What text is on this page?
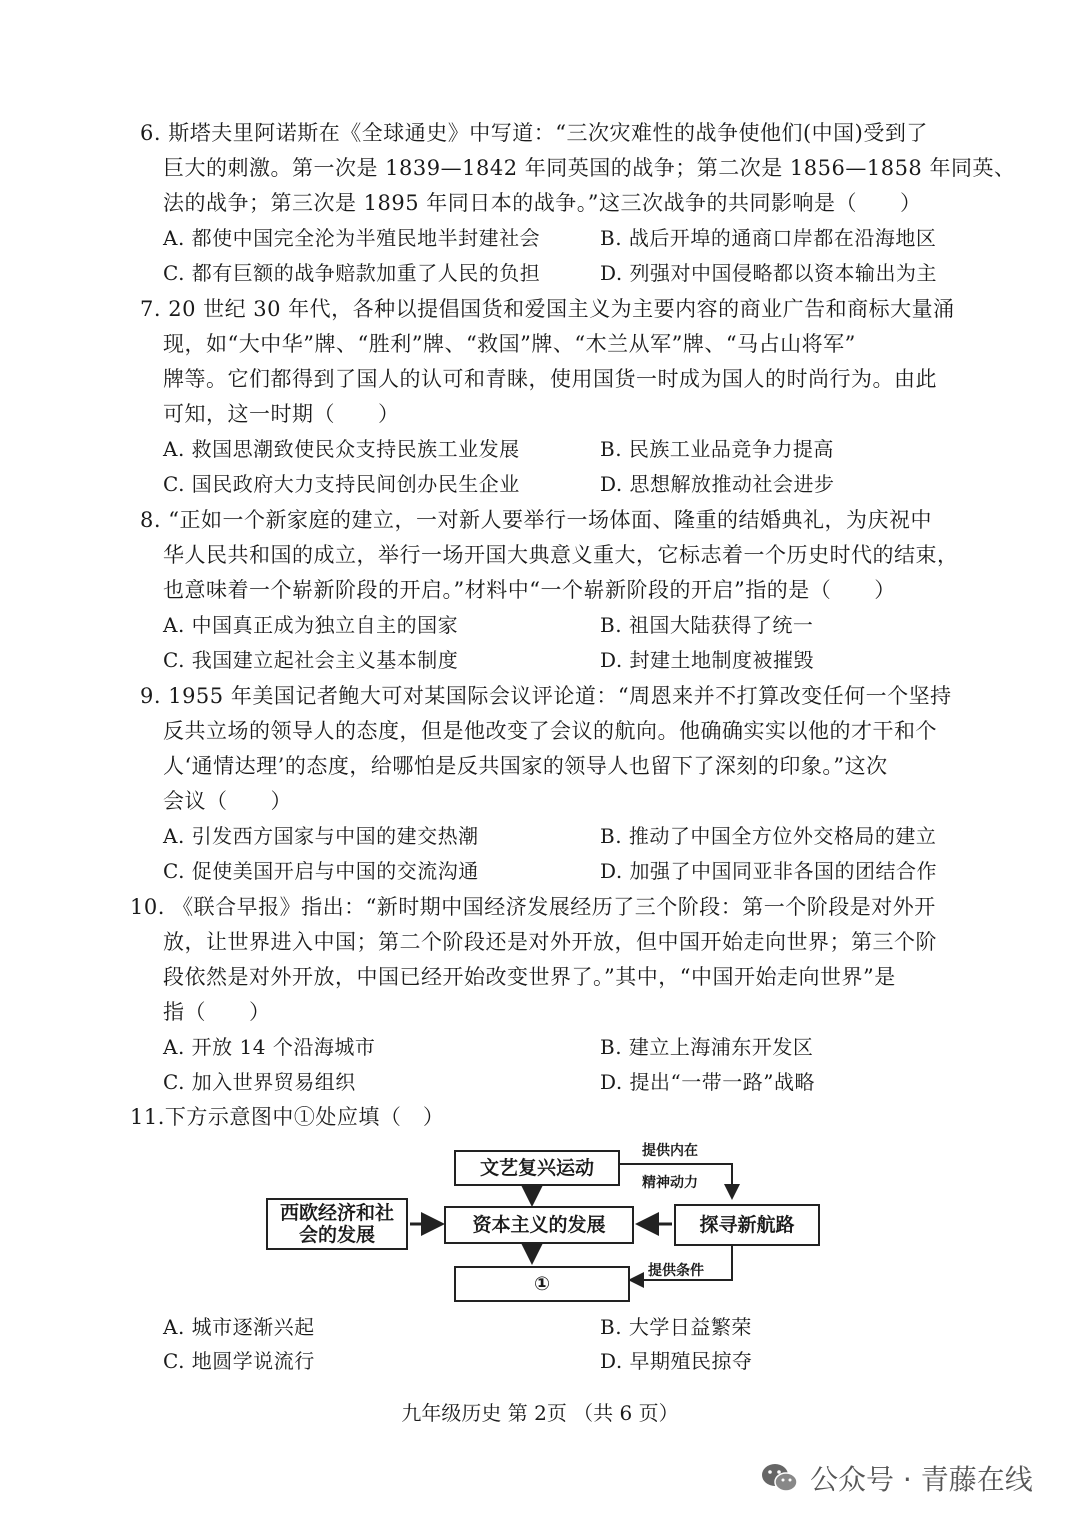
6. 斯塔夫里阿诺斯在《全球通史》中写道：“三次灾难性的战争使他们(中国)受到了
巨大的刺激。第一次是 1839—1842 年同英国的战争；第二次是 1856—1858 年同英、
法的战争；第三次是 1895 年同日本的战争。”这三次战争的共同影响是（　　）
A. 都使中国完全沦为半殖民地半封建社会	B. 战后开埠的通商口岸都在沿海地区
C. 都有巨额的战争赔款加重了人民的负担	D. 列强对中国侵略都以资本输出为主
7. 20 世纪 30 年代，各种以提倡国货和爱国主义为主要内容的商业广告和商标大量涌
现，如“大中华”牌、“胜利”牌、“救国”牌、“木兰从军”牌、“马占山将军”
牌等。它们都得到了国人的认可和青睐，使用国货一时成为国人的时尚行为。由此
可知，这一时期（　　）
A. 救国思潮致使民众支持民族工业发展	B. 民族工业品竞争力提高
C. 国民政府大力支持民间创办民生企业	D. 思想解放推动社会进步
8. “正如一个新家庭的建立，一对新人要举行一场体面、隆重的结婚典礼，为庆祝中
华人民共和国的成立，举行一场开国大典意义重大，它标志着一个历史时代的结束，
也意味着一个崭新阶段的开启。”材料中“一个崭新阶段的开启”指的是（　　）
A. 中国真正成为独立自主的国家	B. 祖国大陆获得了统一
C. 我国建立起社会主义基本制度	D. 封建土地制度被摧毁
9. 1955 年美国记者鲍大可对某国际会议评论道：“周恩来并不打算改变任何一个坚持
反共立场的领导人的态度，但是他改变了会议的航向。他确确实实以他的才干和个
人‘通情达理’的态度，给哪怕是反共国家的领导人也留下了深刻的印象。”这次
会议（　　）
A. 引发西方国家与中国的建交热潮	B. 推动了中国全方位外交格局的建立
C. 促使美国开启与中国的交流沟通	D. 加强了中国同亚非各国的团结合作
10. 《联合早报》指出：“新时期中国经济发展经历了三个阶段：第一个阶段是对外开
放，让世界进入中国；第二个阶段还是对外开放，但中国开始走向世界；第三个阶
段依然是对外开放，中国已经开始改变世界了。”其中，“中国开始走向世界”是
指（　　）
A. 开放 14 个沿海城市	B. 建立上海浦东开发区
C. 加入世界贸易组织	D. 提出“一带一路”战略
11.下方示意图中①处应填（　）
文艺复兴运动
西欧经济和社会的发展	资本主义的发展	探寻新航路
①
提供内在
精神动力
提供条件
A. 城市逐渐兴起	B. 大学日益繁荣
C. 地圆学说流行	D. 早期殖民掠夺
九年级历史 第 2页 （共 6 页）
公众号 · 青藤在线
